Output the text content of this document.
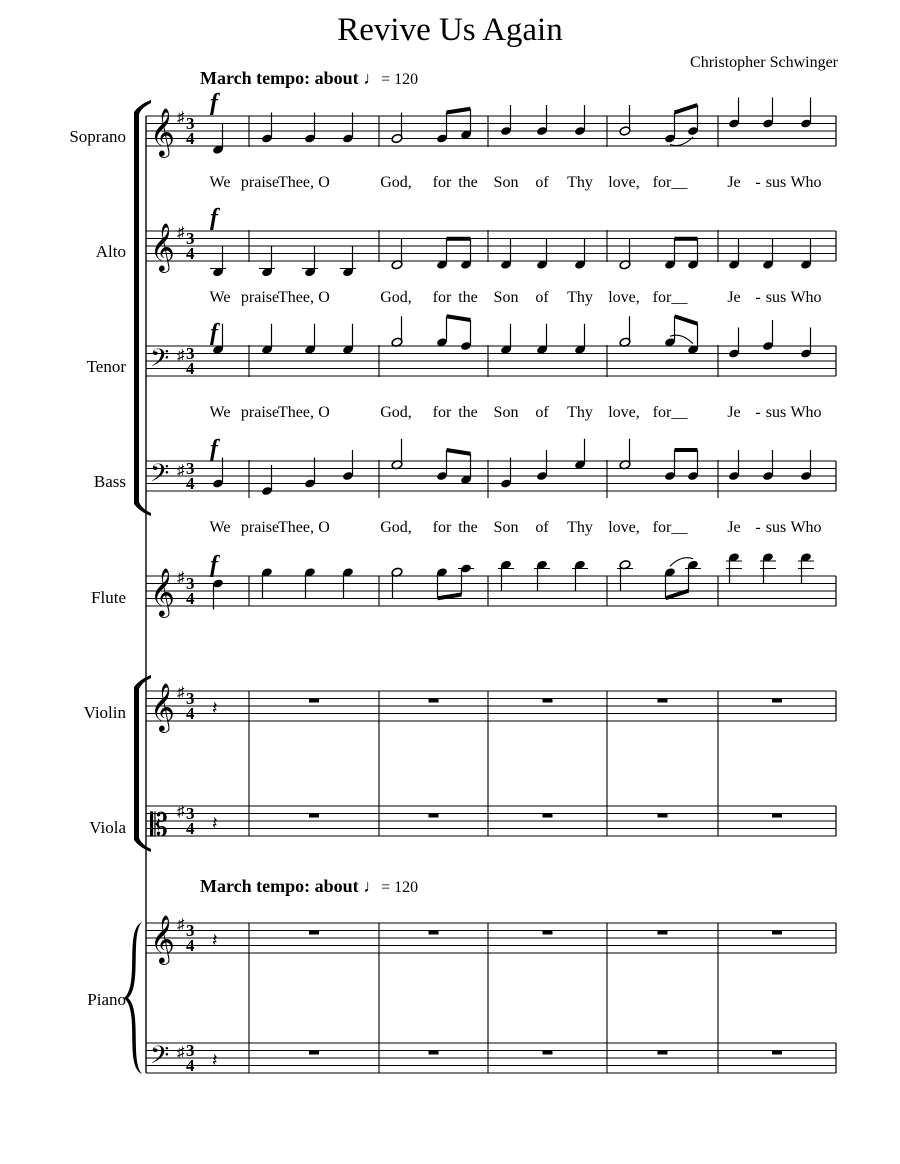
Revive Us Again
Christopher Schwinger
March tempo: about ♩= 120
March tempo: about ♩= 120
Soprano
Alto
Tenor
Bass
Flute
Violin
Viola
Piano
𝄞
𝄞
𝄢
𝄢
𝄞
𝄞
𝄡
𝄞
𝄢
♯
♯
♯
♯
♯
♯
♯
♯
♯
3
4
3
4
3
4
3
4
3
4
3
4
3
4
3
4
3
4
f
f
f
f
f
𝄽
𝄽
𝄽
𝄽
We praise
Thee, O	God, for the Son of Thy love, for__	Je - sus Who
We praise
Thee, O	God, for the Son of Thy love, for__	Je - sus Who
We praise
Thee, O	God, for the Son of Thy love, for__	Je - sus Who
We praise
Thee, O	God, for the Son of Thy love, for__	Je - sus Who
